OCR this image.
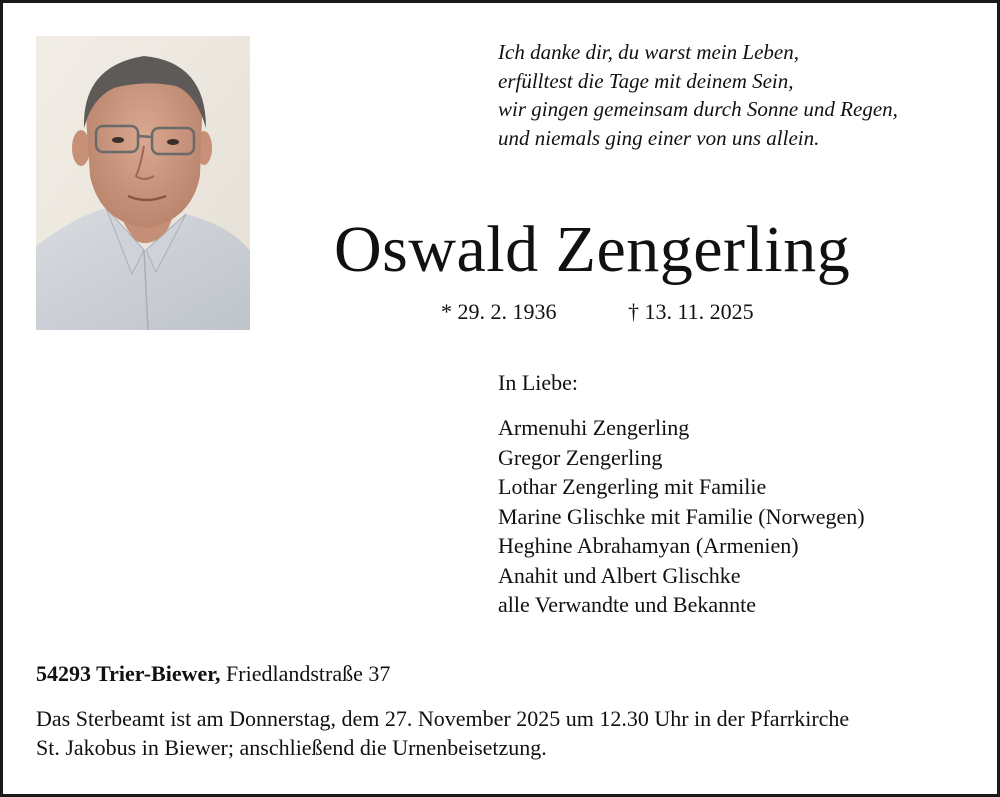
Ich danke dir, du warst mein Leben,
erfülltest die Tage mit deinem Sein,
wir gingen gemeinsam durch Sonne und Regen,
und niemals ging einer von uns allein.
Oswald Zengerling
* 29. 2. 1936	† 13. 11. 2025
In Liebe:
Armenuhi Zengerling
Gregor Zengerling
Lothar Zengerling mit Familie
Marine Glischke mit Familie (Norwegen)
Heghine Abrahamyan (Armenien)
Anahit und Albert Glischke
alle Verwandte und Bekannte
54293 Trier-Biewer, Friedlandstraße 37
Das Sterbeamt ist am Donnerstag, dem 27. November 2025 um 12.30 Uhr in der Pfarrkirche
St. Jakobus in Biewer; anschließend die Urnenbeisetzung.
